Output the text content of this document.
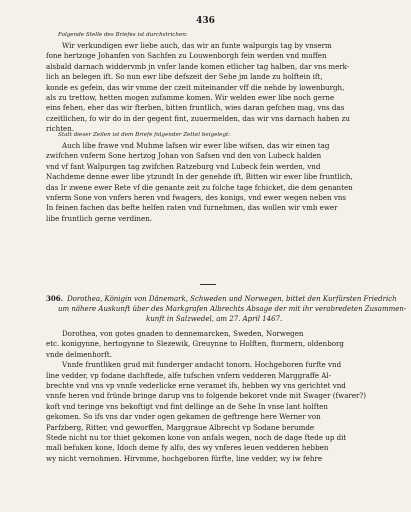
436
Folgende Stelle des Briefes ist durchstrichen:
Wir verkundigen ewr liebe auch, das wir an funte walpurgis tag by vnserm
fone hertzoge Johanfen von Sachfen zu Louwenborgh fein werden vnd muffen
alsbald darnach widdervmb jn vnfer lande komen etlicher tag halben, dar vns merk-
lich an belegen ift. So nun ewr libe defszeit der Sehe jm lande zu holftein ift,
konde es gefein, das wir vmme der czeit miteinander vff die nehde by lowenburgh,
als zu trettow, hetten mogen zufamme komen. Wir welden ewer libe noch gerne
eins fehen, eher das wir fterben, bitten fruntlich, wies daran gefchen mag, vns das
czeitlichen, fo wir do in der gegent fint, zuuermelden, das wir vns darnach haben zu
richten.
Statt dieser Zeilen ist dem Briefe folgender Zettel beigelegt:
Auch libe frawe vnd Muhme lafsen wir ewer libe wifsen, das wir einen tag
zwifchen vnferm Sone hertzog Johan von Safsen vnd den von Lubeck halden
vnd vf fant Walpurgen tag zwifchen Ratzeburg vnd Lubeck fein werden, vnd
Nachdeme denne ewer libe ytzundt In der genehde ift, Bitten wir ewer libe fruntlich,
das Ir zwene ewer Rete vf die genante zeit zu folche tage fchicket, die dem genanten
vnferm Sone von vnfers heren vnd fwagers, des konigs, vnd ewer wegen neben vns
In feinen fachen das befte helfen raten vnd furnehmen, das wollen wir vmb ewer
libe fruntlich gerne verdinen.
306. Dorothea, Königin von Dänemark, Schweden und Norwegen, bittet den Kurfürsten Friedrich
um nähere Auskunft über des Markgrafen Albrechts Absage der mit ihr verabredeten Zusammen-
kunft in Salzwedel, am 27. April 1467.
Dorothea, von gotes gnaden to dennemarcken, Sweden, Norwegen
etc. konigynne, hertogynne to Slezewik, Greuynne to Holften, ftormern, oldenborg
vnde delmenhorft.
Vnnfe fruntliken grud mit funderger andacht tonorn. Hochgeboren furfte vnd
line vedder, vp fodane dachftede, alfe tufschen vnfern vedderen Marggraffe Al-
brechte vnd vns vp vnnfe vederlicke erne veramet ifs, hebben wy vns gerichtet vnd
vnnfe heren vnd fründe bringe darup vns to folgende bekoret vnde mit Swager (fwarer?)
koft vnd teringe vns bekoftigt vnd fint dellinge an de Sehe In vnse lant holften
gekomen. So ifs vns dar vnder ogen gekamen de geftrenge here Werner von
Parfzberg, Ritter, vnd geworffen, Marggraue Albrecht vp Sodane berumde
Stede nicht nu tor thiet gekomen kone von anfals wegen, noch de dage ftede up dit
mall befuken kone, Idoch deme fy alfo, des wy vnferes leuen vedderen hebben
wy nicht vernohmen. Hirvmme, hochgeboren fürfte, line vedder, wy iw fehre
